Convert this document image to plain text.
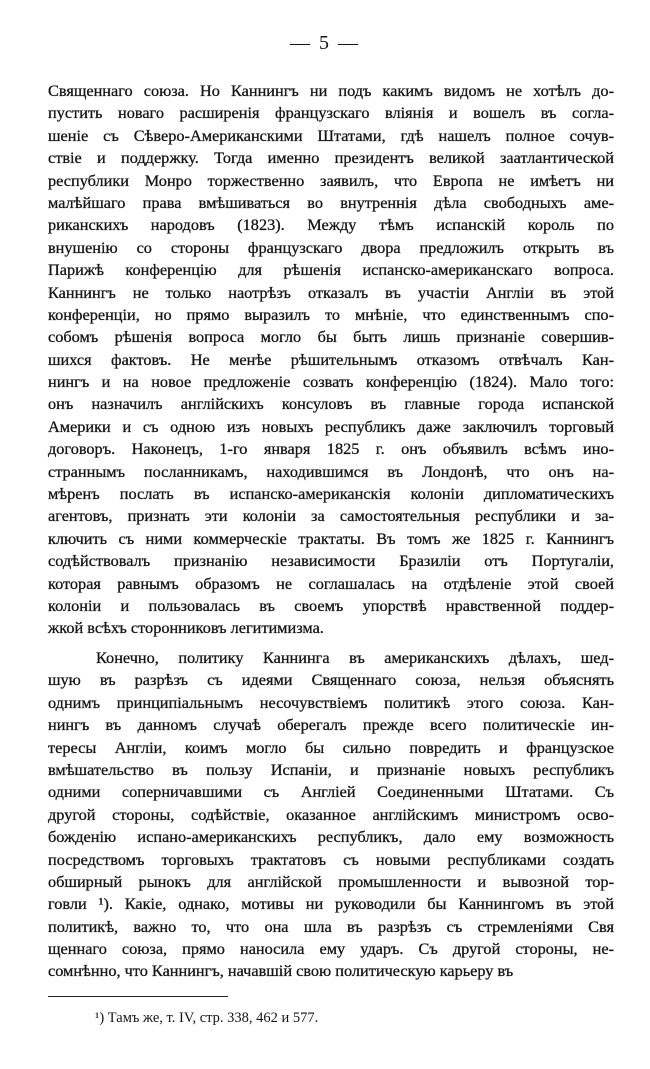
— 5 —
Священнаго союза. Но Каннингъ ни подъ какимъ видомъ не хотѣлъ до-
пустить новаго расширенія французскаго вліянія и вошелъ въ согла-
шеніе съ Сѣверо-Американскими Штатами, гдѣ нашелъ полное сочув-
ствіе и поддержку. Тогда именно президентъ великой заатлантической
республики Монро торжественно заявилъ, что Европа не имѣетъ ни
малѣйшаго права вмѣшиваться во внутреннія дѣла свободныхъ аме-
риканскихъ народовъ (1823). Между тѣмъ испанскій король по
внушенію со стороны французскаго двора предложилъ открыть въ
Парижѣ конференцію для рѣшенія испанско-американскаго вопроса.
Каннингъ не только наотрѣзъ отказалъ въ участіи Англіи въ этой
конференціи, но прямо выразилъ то мнѣніе, что единственнымъ спо-
собомъ рѣшенія вопроса могло бы быть лишь признаніе совершив-
шихся фактовъ. Не менѣе рѣшительнымъ отказомъ отвѣчалъ Кан-
нингъ и на новое предложеніе созвать конференцію (1824). Мало того:
онъ назначилъ англійскихъ консуловъ въ главные города испанской
Америки и съ одною изъ новыхъ республикъ даже заключилъ торговый
договоръ. Наконецъ, 1-го января 1825 г. онъ объявилъ всѣмъ ино-
страннымъ посланникамъ, находившимся въ Лондонѣ, что онъ на-
мѣренъ послать въ испанско-американскія колоніи дипломатическихъ
агентовъ, признать эти колоніи за самостоятельныя республики и за-
ключить съ ними коммерческіе трактаты. Въ томъ же 1825 г. Каннингъ
содѣйствовалъ признанію независимости Бразиліи отъ Португаліи,
которая равнымъ образомъ не соглашалась на отдѣленіе этой своей
колоніи и пользовалась въ своемъ упорствѣ нравственной поддер-
жкой всѣхъ сторонниковъ легитимизма.
Конечно, политику Каннинга въ американскихъ дѣлахъ, шед-
шую въ разрѣзъ съ идеями Священнаго союза, нельзя объяснять
однимъ принципіальнымъ несочувствіемъ политикѣ этого союза. Кан-
нингъ въ данномъ случаѣ оберегалъ прежде всего политическіе ин-
тересы Англіи, коимъ могло бы сильно повредить и французское
вмѣшательство въ пользу Испаніи, и признаніе новыхъ республикъ
одними соперничавшими съ Англіей Соединенными Штатами. Съ
другой стороны, содѣйствіе, оказанное англійскимъ министромъ осво-
божденію испано-американскихъ республикъ, дало ему возможность
посредствомъ торговыхъ трактатовъ съ новыми республиками создать
обширный рынокъ для англійской промышленности и вывозной тор-
говли ¹). Какіе, однако, мотивы ни руководили бы Каннингомъ въ этой
политикѣ, важно то, что она шла въ разрѣзъ съ стремленіями Свя
щеннаго союза, прямо наносила ему ударъ. Съ другой стороны, не-
сомнѣнно, что Каннингъ, начавшій свою политическую карьеру въ
¹) Тамъ же, т. IV, стр. 338, 462 и 577.
